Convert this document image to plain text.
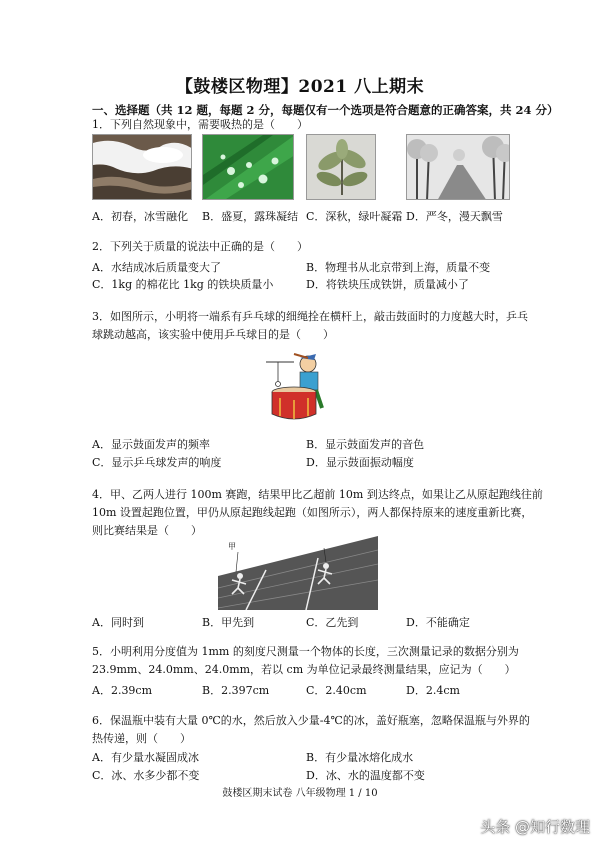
【鼓楼区物理】2021 八上期末
一、选择题（共 12 题，每题 2 分，每题仅有一个选项是符合题意的正确答案，共 24 分）
1．下列自然现象中，需要吸热的是（　　）
A．初春，冰雪融化 B．盛夏，露珠凝结 C．深秋，绿叶凝霜 D．严冬，漫天飘雪
2．下列关于质量的说法中正确的是（　　）
A．水结成冰后质量变大了	B．物理书从北京带到上海，质量不变
C．1kg 的棉花比 1kg 的铁块质量小	D．将铁块压成铁饼，质量减小了
3．如图所示，小明将一端系有乒乓球的细绳拴在横杆上，敲击鼓面时的力度越大时，乒乓
球跳动越高，该实验中使用乒乓球目的是（　　）
A．显示鼓面发声的频率	B．显示鼓面发声的音色
C．显示乒乓球发声的响度	D．显示鼓面振动幅度
4．甲、乙两人进行 100m 赛跑，结果甲比乙超前 10m 到达终点，如果让乙从原起跑线往前
10m 设置起跑位置，甲仍从原起跑线起跑（如图所示），两人都保持原来的速度重新比赛，
则比赛结果是（　　）
甲	乙
A．同时到	B．甲先到	C．乙先到	D．不能确定
5．小明利用分度值为 1mm 的刻度尺测量一个物体的长度，三次测量记录的数据分别为
23.9mm、24.0mm、24.0mm，若以 cm 为单位记录最终测量结果，应记为（　　）
A．2.39cm	B．2.397cm	C．2.40cm	D．2.4cm
6．保温瓶中装有大量 0℃的水，然后放入少量-4℃的冰，盖好瓶塞，忽略保温瓶与外界的
热传递，则（　　）
A．有少量水凝固成冰	B．有少量冰熔化成水
C．冰、水多少都不变	D．冰、水的温度都不变
鼓楼区期末试卷 八年级物理 1 / 10
头条 @知行数理
